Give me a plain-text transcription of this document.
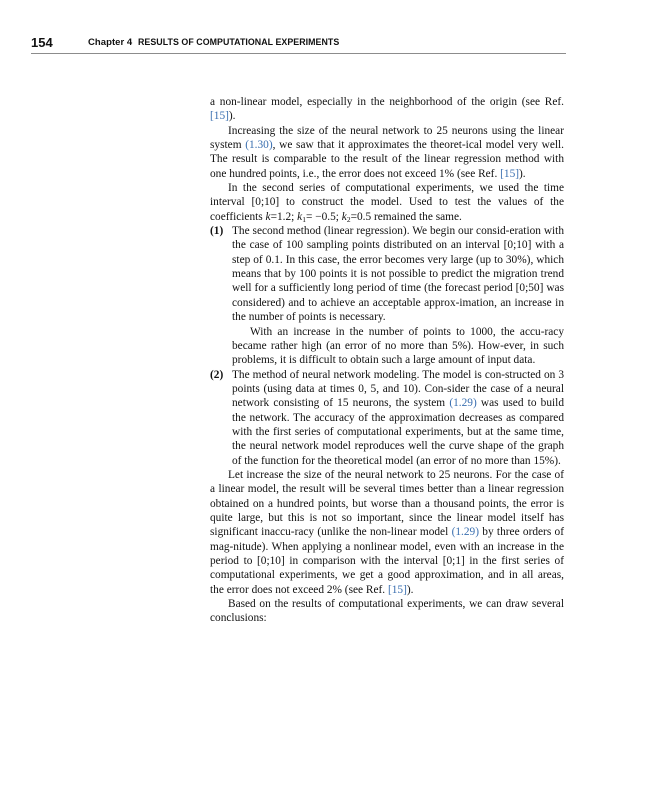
154	Chapter 4 RESULTS OF COMPUTATIONAL EXPERIMENTS

a non-linear model, especially in the neighborhood of the origin (see Ref. [15]).

Increasing the size of the neural network to 25 neurons using the linear system (1.30), we saw that it approximates the theoret-ical model very well. The result is comparable to the result of the linear regression method with one hundred points, i.e., the error does not exceed 1% (see Ref. [15]).

In the second series of computational experiments, we used the time interval [0;10] to construct the model. Used to test the values of the coefficients k=1.2; $k_1= -0.5$; $k_2=0.5$ remained the same.

(1) The second method (linear regression). We begin our consid-eration with the case of 100 sampling points distributed on an interval [0;10] with a step of 0.1. In this case, the error becomes very large (up to 30%), which means that by 100 points it is not possible to predict the migration trend well for a sufficiently long period of time (the forecast period [0;50] was considered) and to achieve an acceptable approx-imation, an increase in the number of points is necessary.

With an increase in the number of points to 1000, the accu-racy became rather high (an error of no more than 5%). How-ever, in such problems, it is difficult to obtain such a large amount of input data.

(2) The method of neural network modeling. The model is con-structed on 3 points (using data at times 0, 5, and 10). Con-sider the case of a neural network consisting of 15 neurons, the system (1.29) was used to build the network. The accuracy of the approximation decreases as compared with the first series of computational experiments, but at the same time, the neural network model reproduces well the curve shape of the graph of the function for the theoretical model (an error of no more than 15%).

Let increase the size of the neural network to 25 neurons. For the case of a linear model, the result will be several times better than a linear regression obtained on a hundred points, but worse than a thousand points, the error is quite large, but this is not so important, since the linear model itself has significant inaccu-racy (unlike the non-linear model (1.29) by three orders of mag-nitude). When applying a nonlinear model, even with an increase in the period to [0;10] in comparison with the interval [0;1] in the first series of computational experiments, we get a good approximation, and in all areas, the error does not exceed 2% (see Ref. [15]).

Based on the results of computational experiments, we can draw several conclusions:
